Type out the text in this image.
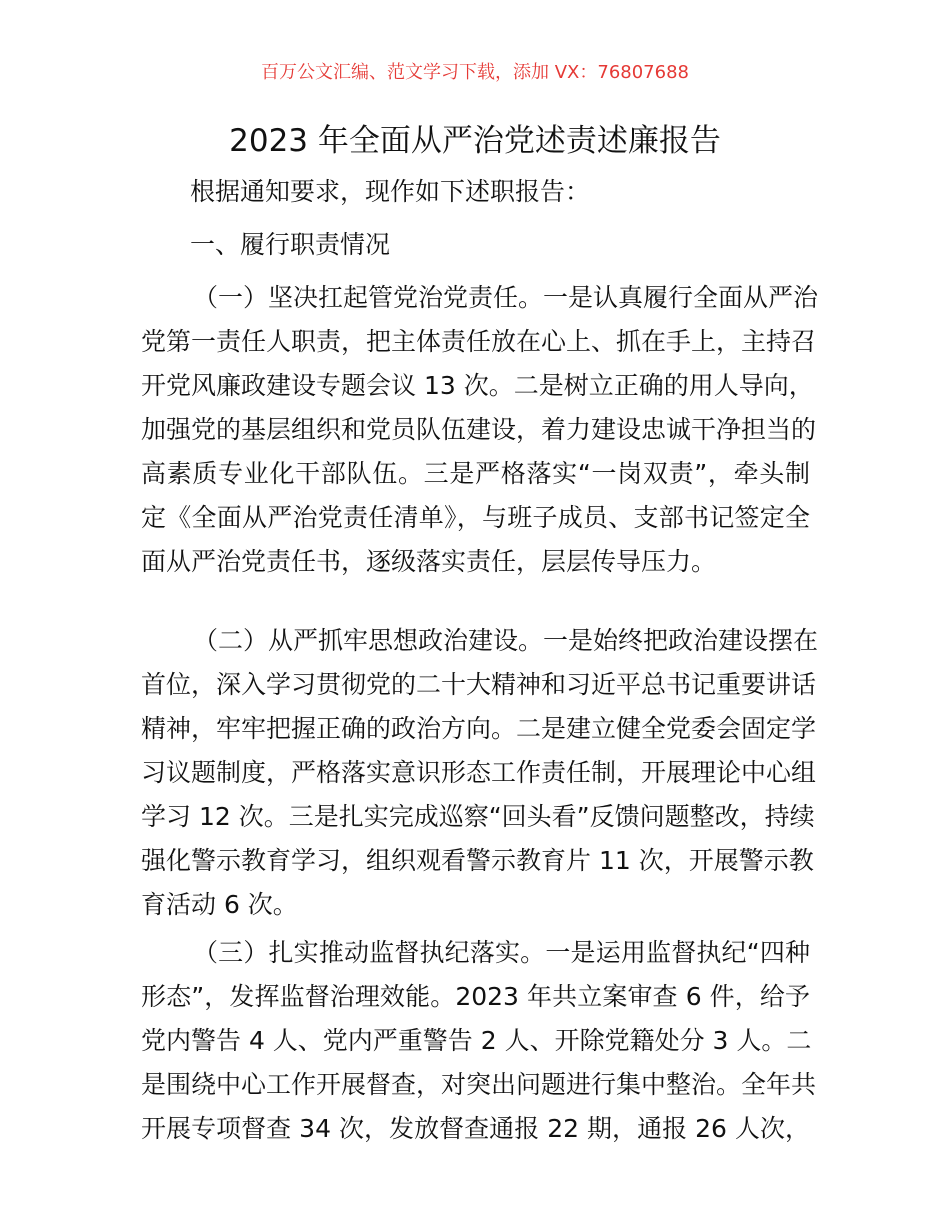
百万公文汇编、范文学习下载，添加 VX：76807688
2023 年全面从严治党述责述廉报告
根据通知要求，现作如下述职报告：
一、履行职责情况
（一）坚决扛起管党治党责任。一是认真履行全面从严治
党第一责任人职责，把主体责任放在心上、抓在手上，主持召
开党风廉政建设专题会议 13 次。二是树立正确的用人导向，
加强党的基层组织和党员队伍建设，着力建设忠诚干净担当的
高素质专业化干部队伍。三是严格落实“一岗双责”，牵头制
定《全面从严治党责任清单》，与班子成员、支部书记签定全
面从严治党责任书，逐级落实责任，层层传导压力。
（二）从严抓牢思想政治建设。一是始终把政治建设摆在
首位，深入学习贯彻党的二十大精神和习近平总书记重要讲话
精神，牢牢把握正确的政治方向。二是建立健全党委会固定学
习议题制度，严格落实意识形态工作责任制，开展理论中心组
学习 12 次。三是扎实完成巡察“回头看”反馈问题整改，持续
强化警示教育学习，组织观看警示教育片 11 次，开展警示教
育活动 6 次。
（三）扎实推动监督执纪落实。一是运用监督执纪“四种
形态”，发挥监督治理效能。2023 年共立案审查 6 件，给予
党内警告 4 人、党内严重警告 2 人、开除党籍处分 3 人。二
是围绕中心工作开展督查，对突出问题进行集中整治。全年共
开展专项督查 34 次，发放督查通报 22 期，通报 26 人次，
